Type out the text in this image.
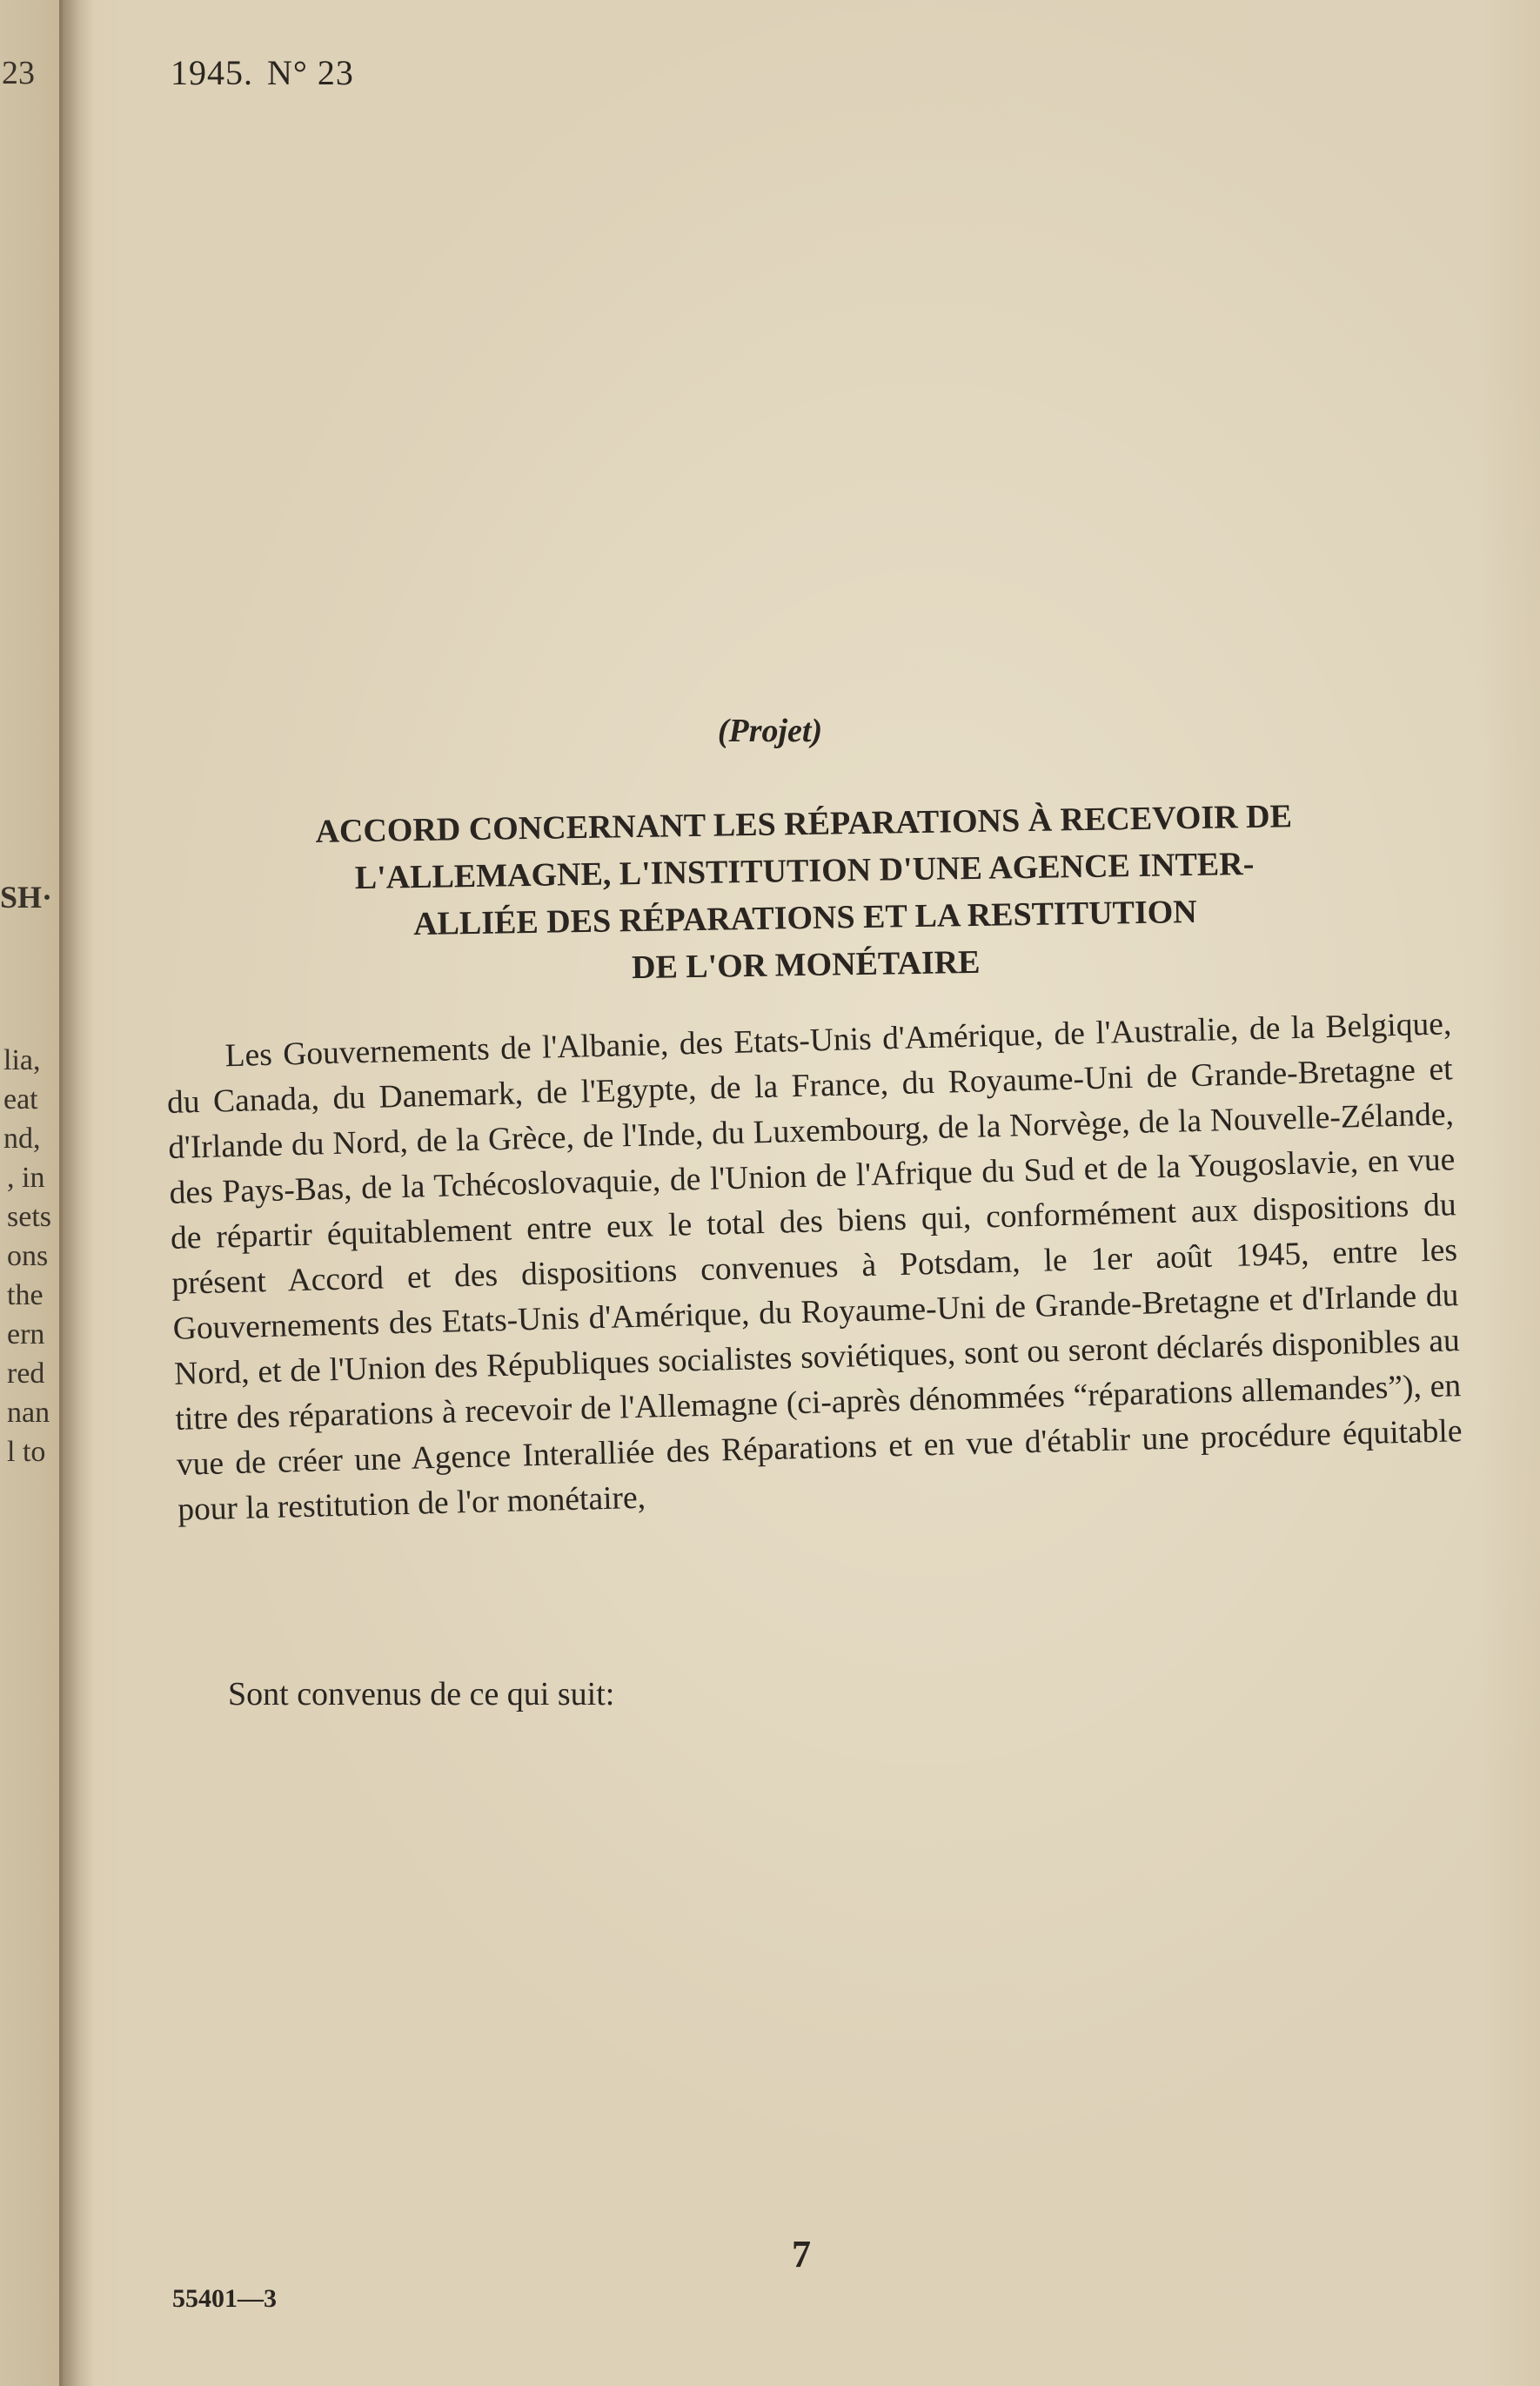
23
SH·
lia,
eat
nd,
, in
sets
ons
the
ern
red
nan
l to
1945. N° 23
(Projet)
ACCORD CONCERNANT LES RÉPARATIONS À RECEVOIR DE
L'ALLEMAGNE, L'INSTITUTION D'UNE AGENCE INTER-
ALLIÉE DES RÉPARATIONS ET LA RESTITUTION
DE L'OR MONÉTAIRE

Les Gouvernements de l'Albanie, des Etats-Unis d'Amérique, de l'Australie, de la Belgique, du Canada, du Danemark, de l'Egypte, de la France, du Royaume-Uni de Grande-Bretagne et d'Irlande du Nord, de la Grèce, de l'Inde, du Luxembourg, de la Norvège, de la Nouvelle-Zélande, des Pays-Bas, de la Tchécoslovaquie, de l'Union de l'Afrique du Sud et de la Yougoslavie, en vue de répartir équitablement entre eux le total des biens qui, conformément aux dispositions du présent Accord et des dispositions convenues à Potsdam, le 1er août 1945, entre les Gouvernements des Etats-Unis d'Amérique, du Royaume-Uni de Grande-Bretagne et d'Irlande du Nord, et de l'Union des Républiques socialistes soviétiques, sont ou seront déclarés disponibles au titre des réparations à recevoir de l'Allemagne (ci-après dénommées “réparations allemandes”), en vue de créer une Agence Interalliée des Réparations et en vue d'établir une procédure équitable pour la restitution de l'or monétaire,

Sont convenus de ce qui suit:
7
55401—3
